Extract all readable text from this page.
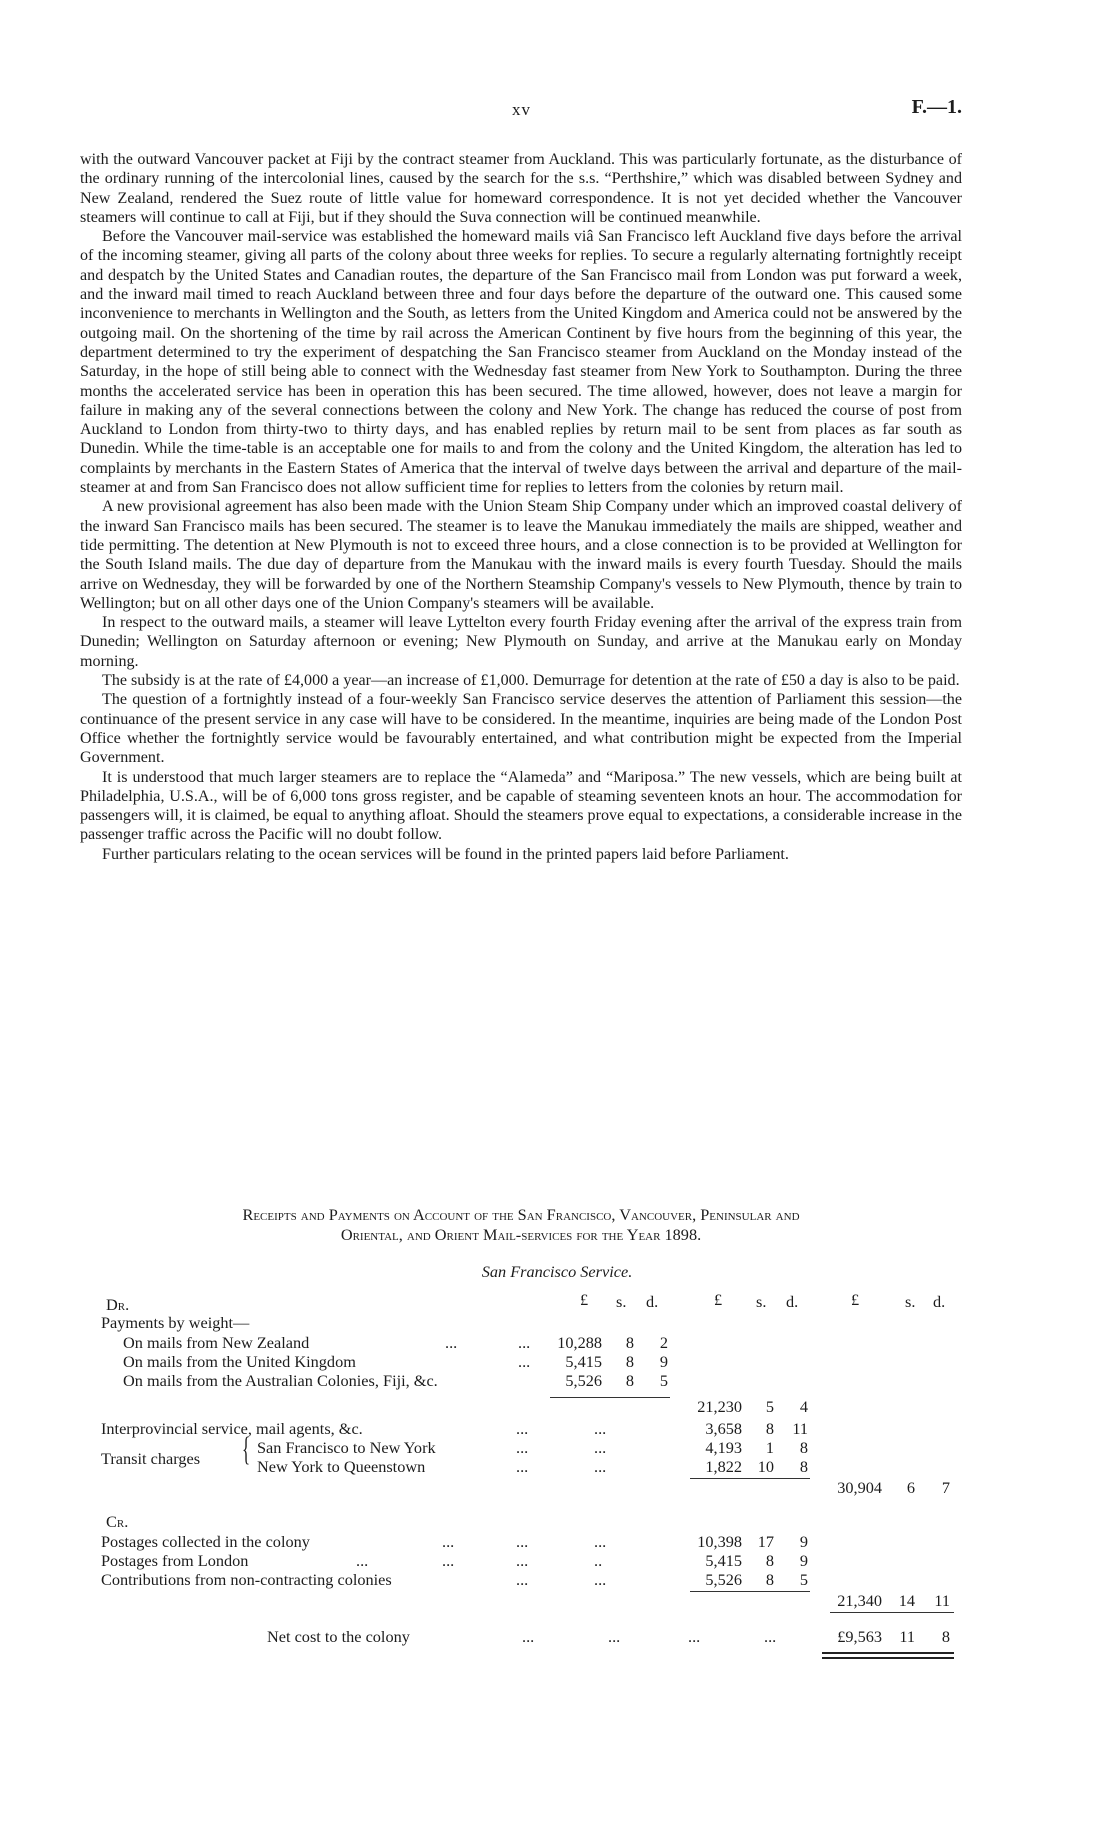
xv	F.—1.

with the outward Vancouver packet at Fiji by the contract steamer from Auckland. This was particularly fortunate, as the disturbance of the ordinary running of the intercolonial lines, caused by the search for the s.s. “Perthshire,” which was disabled between Sydney and New Zealand, rendered the Suez route of little value for homeward correspondence. It is not yet decided whether the Vancouver steamers will continue to call at Fiji, but if they should the Suva connection will be continued meanwhile.

Before the Vancouver mail-service was established the homeward mails viâ San Francisco left Auckland five days before the arrival of the incoming steamer, giving all parts of the colony about three weeks for replies. To secure a regularly alternating fortnightly receipt and despatch by the United States and Canadian routes, the departure of the San Francisco mail from London was put forward a week, and the inward mail timed to reach Auckland between three and four days before the departure of the outward one. This caused some inconvenience to merchants in Wellington and the South, as letters from the United Kingdom and America could not be answered by the outgoing mail. On the shortening of the time by rail across the American Continent by five hours from the beginning of this year, the department determined to try the experiment of despatching the San Francisco steamer from Auckland on the Monday instead of the Saturday, in the hope of still being able to connect with the Wednesday fast steamer from New York to Southampton. During the three months the accelerated service has been in operation this has been secured. The time allowed, however, does not leave a margin for failure in making any of the several connections between the colony and New York. The change has reduced the course of post from Auckland to London from thirty-two to thirty days, and has enabled replies by return mail to be sent from places as far south as Dunedin. While the time-table is an acceptable one for mails to and from the colony and the United Kingdom, the alteration has led to complaints by merchants in the Eastern States of America that the interval of twelve days between the arrival and departure of the mail-steamer at and from San Francisco does not allow sufficient time for replies to letters from the colonies by return mail.

A new provisional agreement has also been made with the Union Steam Ship Company under which an improved coastal delivery of the inward San Francisco mails has been secured. The steamer is to leave the Manukau immediately the mails are shipped, weather and tide permitting. The detention at New Plymouth is not to exceed three hours, and a close connection is to be provided at Wellington for the South Island mails. The due day of departure from the Manukau with the inward mails is every fourth Tuesday. Should the mails arrive on Wednesday, they will be forwarded by one of the Northern Steamship Company's vessels to New Plymouth, thence by train to Wellington; but on all other days one of the Union Company's steamers will be available.

In respect to the outward mails, a steamer will leave Lyttelton every fourth Friday evening after the arrival of the express train from Dunedin; Wellington on Saturday afternoon or evening; New Plymouth on Sunday, and arrive at the Manukau early on Monday morning.

The subsidy is at the rate of £4,000 a year—an increase of £1,000. Demurrage for detention at the rate of £50 a day is also to be paid.

The question of a fortnightly instead of a four-weekly San Francisco service deserves the attention of Parliament this session—the continuance of the present service in any case will have to be considered. In the meantime, inquiries are being made of the London Post Office whether the fortnightly service would be favourably entertained, and what contribution might be expected from the Imperial Government.

It is understood that much larger steamers are to replace the “Alameda” and “Mariposa.” The new vessels, which are being built at Philadelphia, U.S.A., will be of 6,000 tons gross register, and be capable of steaming seventeen knots an hour. The accommodation for passengers will, it is claimed, be equal to anything afloat. Should the steamers prove equal to expectations, a considerable increase in the passenger traffic across the Pacific will no doubt follow.

Further particulars relating to the ocean services will be found in the printed papers laid before Parliament.

Receipts and Payments on Account of the San Francisco, Vancouver, Peninsular and
Oriental, and Orient Mail-services for the Year 1898.
San Francisco Service.
Dr.	£ s. d.	£ s. d.	£	s. d.
Payments by weight—
On mails from New Zealand	...	... 10,288 8 2
On mails from the United Kingdom	... 5,415 8 9
On mails from the Australian Colonies, Fiji, &c.	5,526 8 5
21,230 5 4
Interprovincial service, mail agents, &c.	...	...	3,658 8 11
Transit charges { San Francisco to New York	...	...	4,193 1 8
New York to Queenstown	...	...	1,822 10 8
30,904 6 7
Cr.
Postages collected in the colony	...	...	...	10,398 17 9
Postages from London	...	...	...	..	5,415 8 9
Contributions from non-contracting colonies	...	...	5,526 8 5
21,340 14 11
Net cost to the colony	...	...	...	...	£9,563 11 8
